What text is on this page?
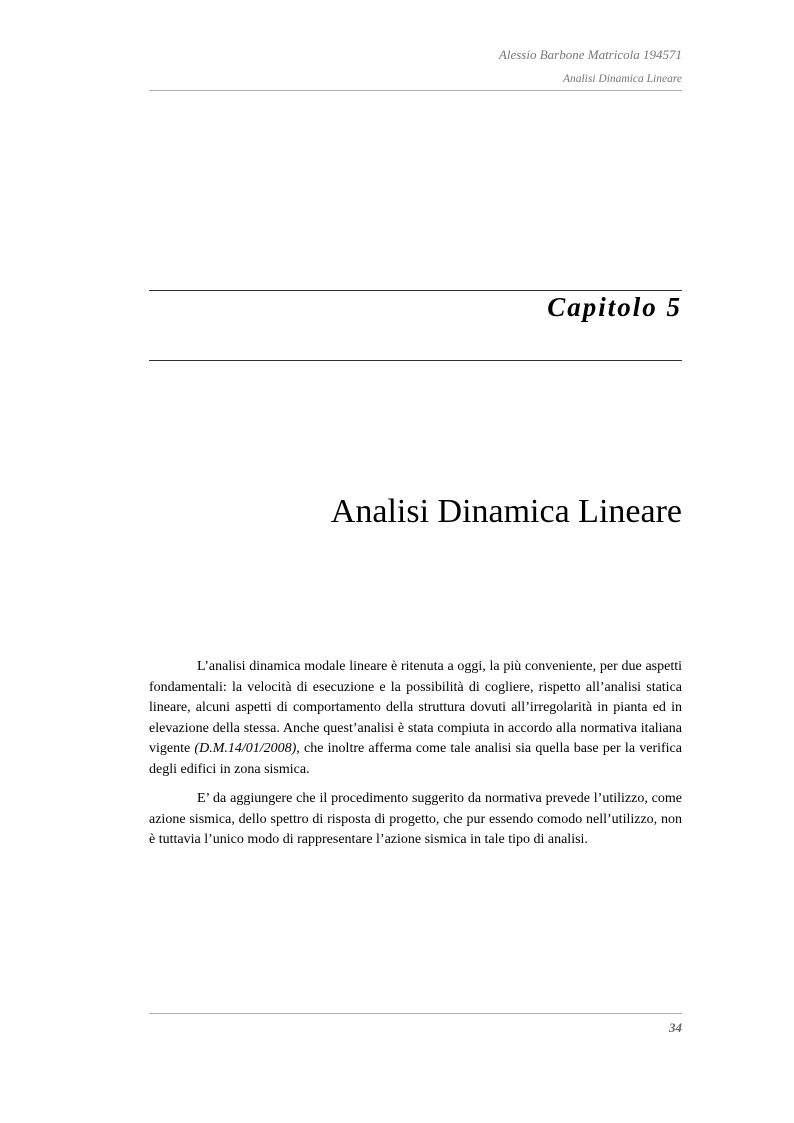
Alessio Barbone Matricola 194571
Analisi Dinamica Lineare
Capitolo 5
Analisi Dinamica Lineare

L’analisi dinamica modale lineare è ritenuta a oggi, la più conveniente, per due aspetti fondamentali: la velocità di esecuzione e la possibilità di cogliere, rispetto all’analisi statica lineare, alcuni aspetti di comportamento della struttura dovuti all’irregolarità in pianta ed in elevazione della stessa. Anche quest’analisi è stata compiuta in accordo alla normativa italiana vigente (D.M.14/01/2008), che inoltre afferma come tale analisi sia quella base per la verifica degli edifici in zona sismica.

E’ da aggiungere che il procedimento suggerito da normativa prevede l’utilizzo, come azione sismica, dello spettro di risposta di progetto, che pur essendo comodo nell’utilizzo, non è tuttavia l’unico modo di rappresentare l’azione sismica in tale tipo di analisi.

34
